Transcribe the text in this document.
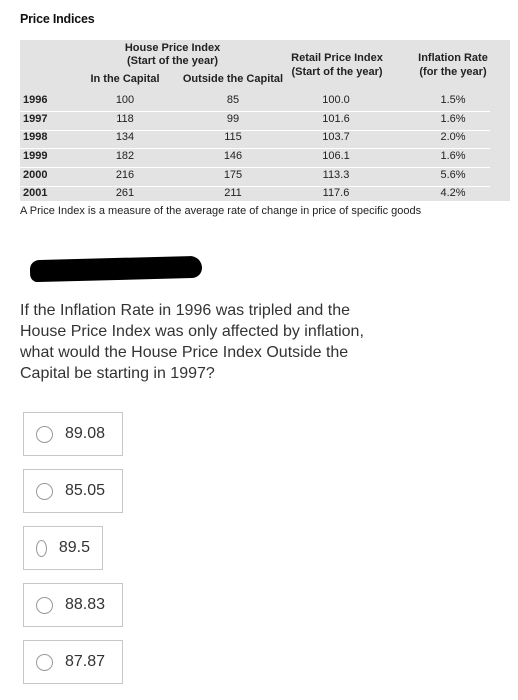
Price Indices
House Price Index
(Start of the year)
In the Capital	Outside the Capital
Retail Price Index
(Start of the year)
Inflation Rate
(for the year)
1996	100	85	100.0	1.5%
1997	118	99	101.6	1.6%
1998	134	115	103.7	2.0%
1999	182	146	106.1	1.6%
2000	216	175	113.3	5.6%
2001	261	211	117.6	4.2%
A Price Index is a measure of the average rate of change in price of specific goods
If the Inflation Rate in 1996 was tripled and the House Price Index was only affected by inflation, what would the House Price Index Outside the Capital be starting in 1997?
89.08
85.05
89.5
88.83
87.87
